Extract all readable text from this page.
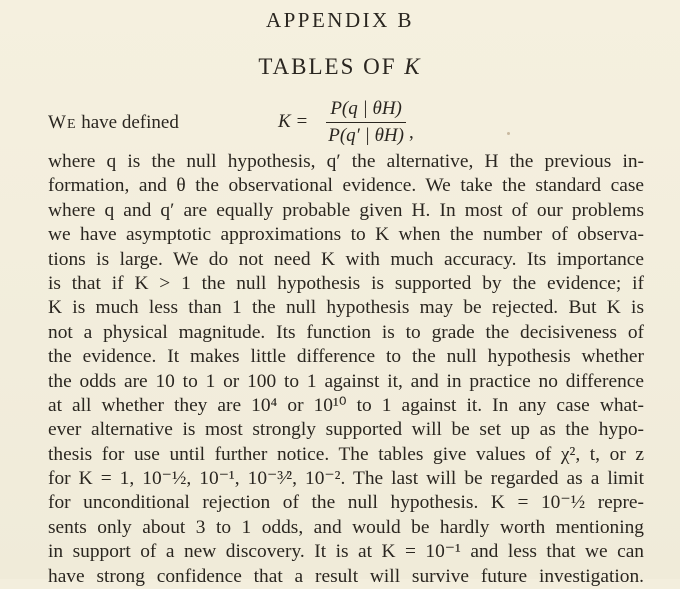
APPENDIX B
TABLES OF K
WE have defined	$K = \frac{P(q | \theta H)}{P(q' | \theta H)}$ ,
where q is the null hypothesis, q′ the alternative, H the previous in-
formation, and θ the observational evidence. We take the standard case
where q and q′ are equally probable given H. In most of our problems
we have asymptotic approximations to K when the number of observa-
tions is large. We do not need K with much accuracy. Its importance
is that if K > 1 the null hypothesis is supported by the evidence; if
K is much less than 1 the null hypothesis may be rejected. But K is
not a physical magnitude. Its function is to grade the decisiveness of
the evidence. It makes little difference to the null hypothesis whether
the odds are 10 to 1 or 100 to 1 against it, and in practice no difference
at all whether they are 10⁴ or 10¹⁰ to 1 against it. In any case what-
ever alternative is most strongly supported will be set up as the hypo-
thesis for use until further notice. The tables give values of χ², t, or z
for K = 1, 10⁻½, 10⁻¹, 10⁻³⁄², 10⁻². The last will be regarded as a limit
for unconditional rejection of the null hypothesis. K = 10⁻½ repre-
sents only about 3 to 1 odds, and would be hardly worth mentioning
in support of a new discovery. It is at K = 10⁻¹ and less that we can
have strong confidence that a result will survive future investigation.
